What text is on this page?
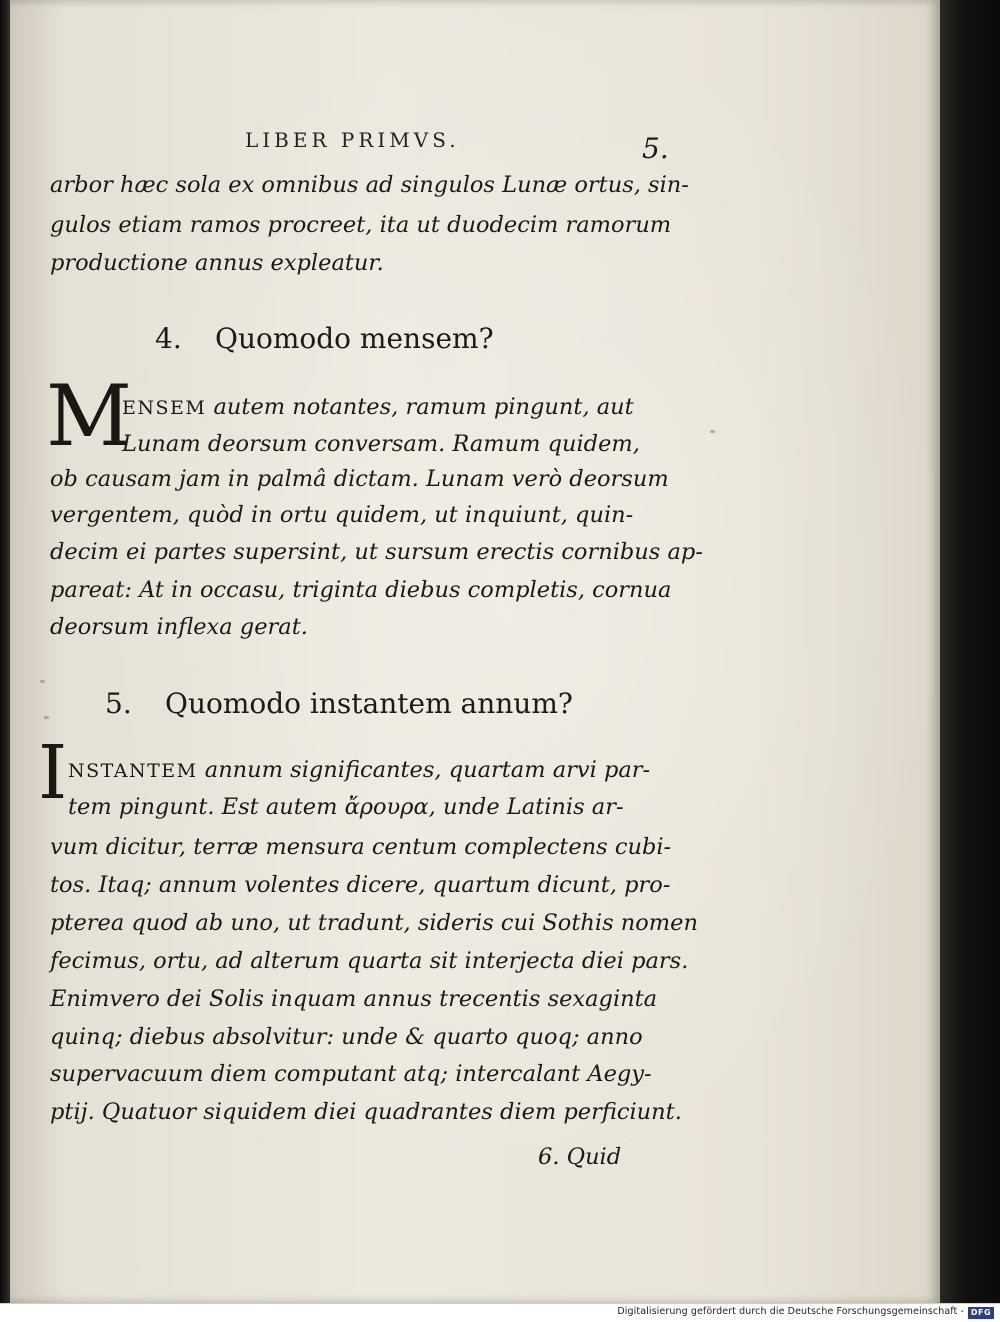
LIBER PRIMVS.	5.
arbor hæc sola ex omnibus ad singulos Lunæ ortus, sin-
gulos etiam ramos procreet, ita ut duodecim ramorum
productione annus expleatur.
4. Quomodo mensem?
M
ENSEM autem notantes, ramum pingunt, aut
Lunam deorsum conversam. Ramum quidem,
ob causam jam in palmâ dictam. Lunam verò deorsum
vergentem, quòd in ortu quidem, ut inquiunt, quin-
decim ei partes supersint, ut sursum erectis cornibus ap-
pareat: At in occasu, triginta diebus completis, cornua
deorsum inflexa gerat.
5. Quomodo instantem annum?
I NSTANTEM annum significantes, quartam arvi par-
tem pingunt. Est autem ἄρουρα, unde Latinis ar-
vum dicitur, terræ mensura centum complectens cubi-
tos. Itaq; annum volentes dicere, quartum dicunt, pro-
pterea quod ab uno, ut tradunt, sideris cui Sothis nomen
fecimus, ortu, ad alterum quarta sit interjecta diei pars.
Enimvero dei Solis inquam annus trecentis sexaginta
quinq; diebus absolvitur: unde & quarto quoq; anno
supervacuum diem computant atq; intercalant Aegy-
ptij. Quatuor siquidem diei quadrantes diem perficiunt.
6. Quid
Digitalisierung gefördert durch die Deutsche Forschungsgemeinschaft - DFG
